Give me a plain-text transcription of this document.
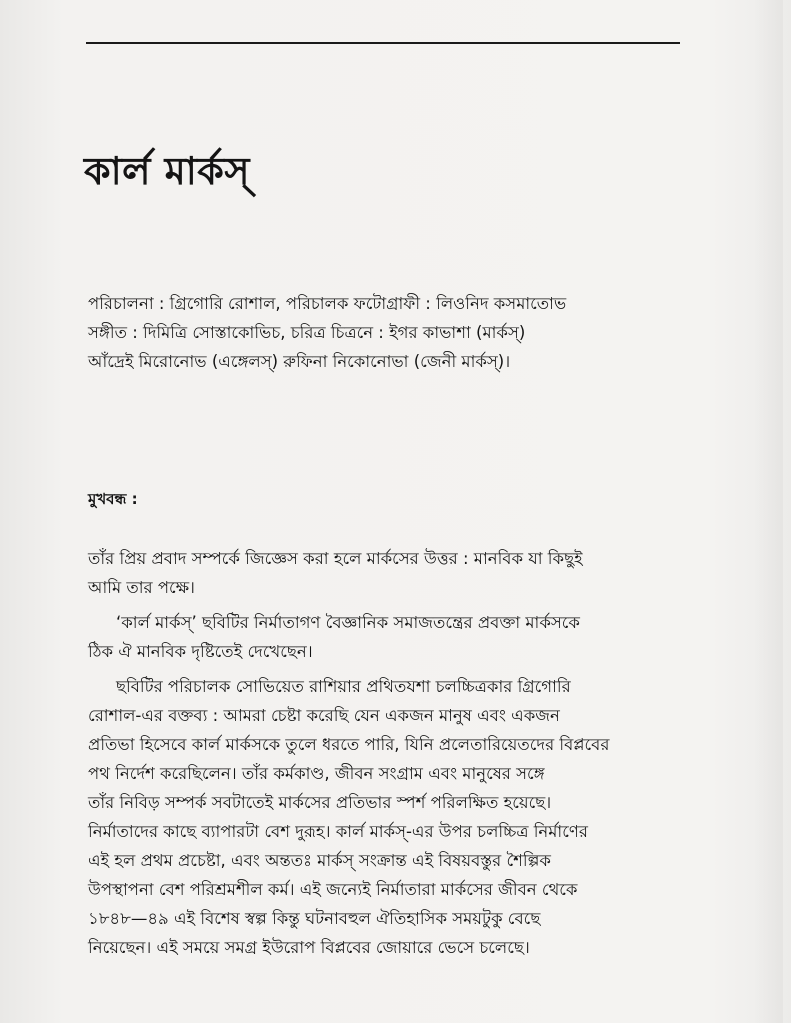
কার্ল মার্কস্
পরিচালনা : গ্রিগোরি রোশাল, পরিচালক ফটোগ্রাফী : লিওনিদ কসমাতোভ
সঙ্গীত : দিমিত্রি সোস্তাকোভিচ, চরিত্র চিত্রনে : ইগর কাভাশা (মার্কস্)
আঁদ্রেই মিরোনোভ (এঙ্গেলস্) রুফিনা নিকোনোভা (জেনী মার্কস্)।
মুখবন্ধ :

তাঁর প্রিয় প্রবাদ সম্পর্কে জিজ্ঞেস করা হলে মার্কসের উত্তর : মানবিক যা কিছুই
আমি তার পক্ষে।

‘কার্ল মার্কস্’ ছবিটির নির্মাতাগণ বৈজ্ঞানিক সমাজতন্ত্রের প্রবক্তা মার্কসকে
ঠিক ঐ মানবিক দৃষ্টিতেই দেখেছেন।

ছবিটির পরিচালক সোভিয়েত রাশিয়ার প্রথিতযশা চলচ্চিত্রকার গ্রিগোরি
রোশাল-এর বক্তব্য : আমরা চেষ্টা করেছি যেন একজন মানুষ এবং একজন
প্রতিভা হিসেবে কার্ল মার্কসকে তুলে ধরতে পারি, যিনি প্রলেতারিয়েতদের বিপ্লবের
পথ নির্দেশ করেছিলেন। তাঁর কর্মকাণ্ড, জীবন সংগ্রাম এবং মানুষের সঙ্গে
তাঁর নিবিড় সম্পর্ক সবটাতেই মার্কসের প্রতিভার স্পর্শ পরিলক্ষিত হয়েছে।
নির্মাতাদের কাছে ব্যাপারটা বেশ দুরূহ। কার্ল মার্কস্-এর উপর চলচ্চিত্র নির্মাণের
এই হল প্রথম প্রচেষ্টা, এবং অন্ততঃ মার্কস্ সংক্রান্ত এই বিষয়বস্তুর শৈল্পিক
উপস্থাপনা বেশ পরিশ্রমশীল কর্ম। এই জন্যেই নির্মাতারা মার্কসের জীবন থেকে
১৮৪৮—৪৯ এই বিশেষ স্বল্প কিন্তু ঘটনাবহুল ঐতিহাসিক সময়টুকু বেছে
নিয়েছেন। এই সময়ে সমগ্র ইউরোপ বিপ্লবের জোয়ারে ভেসে চলেছে।
